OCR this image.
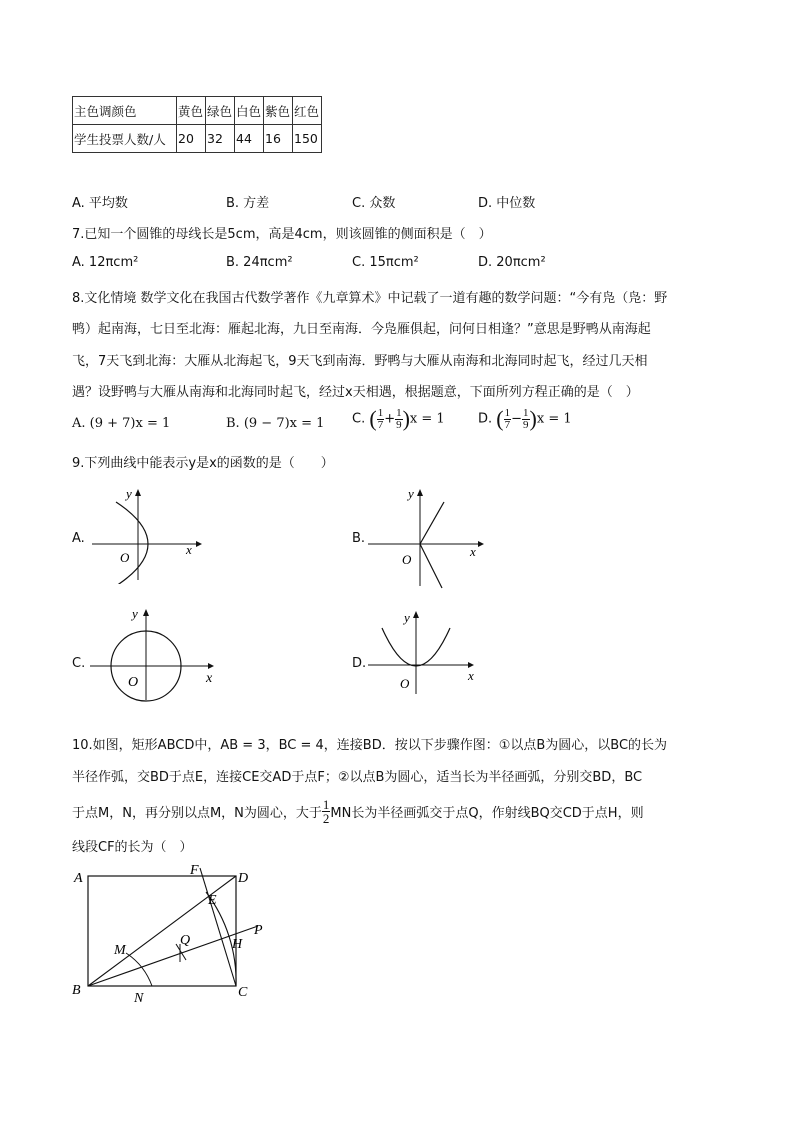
主色调颜色	黄色	绿色	白色	紫色	红色
学生投票人数/人	20	32	44	16	150
A. 平均数	B. 方差	C. 众数	D. 中位数
7.已知一个圆锥的母线长是5cm，高是4cm，则该圆锥的侧面积是（　）
A. 12πcm²	B. 24πcm²	C. 15πcm²	D. 20πcm²
8.文化情境 数学文化在我国古代数学著作《九章算术》中记载了一道有趣的数学问题：“今有凫（凫：野
鸭）起南海，七日至北海：雁起北海，九日至南海．今凫雁俱起，问何日相逢？”意思是野鸭从南海起
飞，7天飞到北海：大雁从北海起飞，9天飞到南海．野鸭与大雁从南海和北海同时起飞，经过几天相
遇？设野鸭与大雁从南海和北海同时起飞，经过x天相遇，根据题意，下面所列方程正确的是（　）
A. (9 + 7)x = 1	B. (9 − 7)x = 1 C. ( $\frac{1}{7} + \frac{1}{9} )x = 1$	D. ( $\frac{1}{7} - \frac{1}{9} )x = 1$
9.下列曲线中能表示y是x的函数的是（　　）
A.	B.
C.	D.
x
y
O	x
y
O
x
y
O	x
y
O
10.如图，矩形ABCD中，AB = 3，BC = 4，连接BD．按以下步骤作图：①以点B为圆心，以BC的长为
半径作弧，交BD于点E，连接CE交AD于点F；②以点B为圆心，适当长为半径画弧，分别交BD，BC
于点M，N，再分别以点M，N为圆心，大于 $\frac{1}{2}$ MN长为半径画弧交于点Q，作射线BQ交CD于点H，则
线段CF的长为（　）
A
B	C
D
E
F
M
N
Q	H
P
